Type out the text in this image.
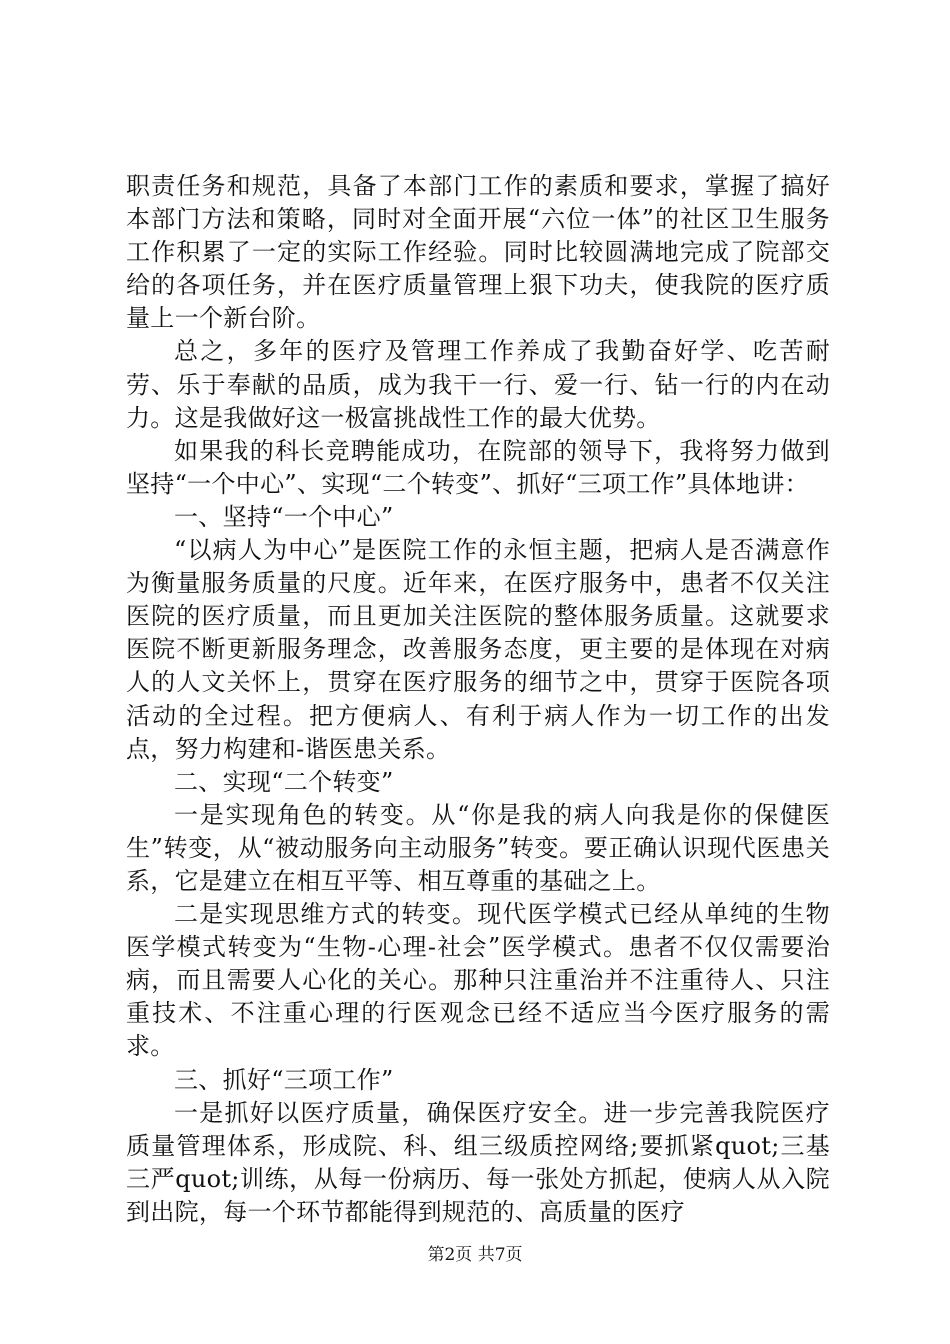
职责任务和规范，具备了本部门工作的素质和要求，掌握了搞好本部门方法和策略，同时对全面开展“六位一体”的社区卫生服务工作积累了一定的实际工作经验。同时比较圆满地完成了院部交给的各项任务，并在医疗质量管理上狠下功夫，使我院的医疗质量上一个新台阶。

总之，多年的医疗及管理工作养成了我勤奋好学、吃苦耐劳、乐于奉献的品质，成为我干一行、爱一行、钻一行的内在动力。这是我做好这一极富挑战性工作的最大优势。

如果我的科长竞聘能成功，在院部的领导下，我将努力做到坚持“一个中心”、实现“二个转变”、抓好“三项工作”具体地讲：

一、坚持“一个中心”

“以病人为中心”是医院工作的永恒主题，把病人是否满意作为衡量服务质量的尺度。近年来，在医疗服务中，患者不仅关注医院的医疗质量，而且更加关注医院的整体服务质量。这就要求医院不断更新服务理念，改善服务态度，更主要的是体现在对病人的人文关怀上，贯穿在医疗服务的细节之中，贯穿于医院各项活动的全过程。把方便病人、有利于病人作为一切工作的出发点，努力构建和-谐医患关系。

二、实现“二个转变”

一是实现角色的转变。从“你是我的病人向我是你的保健医生”转变，从“被动服务向主动服务”转变。要正确认识现代医患关系，它是建立在相互平等、相互尊重的基础之上。

二是实现思维方式的转变。现代医学模式已经从单纯的生物医学模式转变为“生物-心理-社会”医学模式。患者不仅仅需要治病，而且需要人心化的关心。那种只注重治并不注重待人、只注重技术、不注重心理的行医观念已经不适应当今医疗服务的需求。

三、抓好“三项工作”

一是抓好以医疗质量，确保医疗安全。进一步完善我院医疗质量管理体系，形成院、科、组三级质控网络;要抓紧quot;三基三严quot;训练，从每一份病历、每一张处方抓起，使病人从入院到出院，每一个环节都能得到规范的、高质量的医疗

第2页 共7页
